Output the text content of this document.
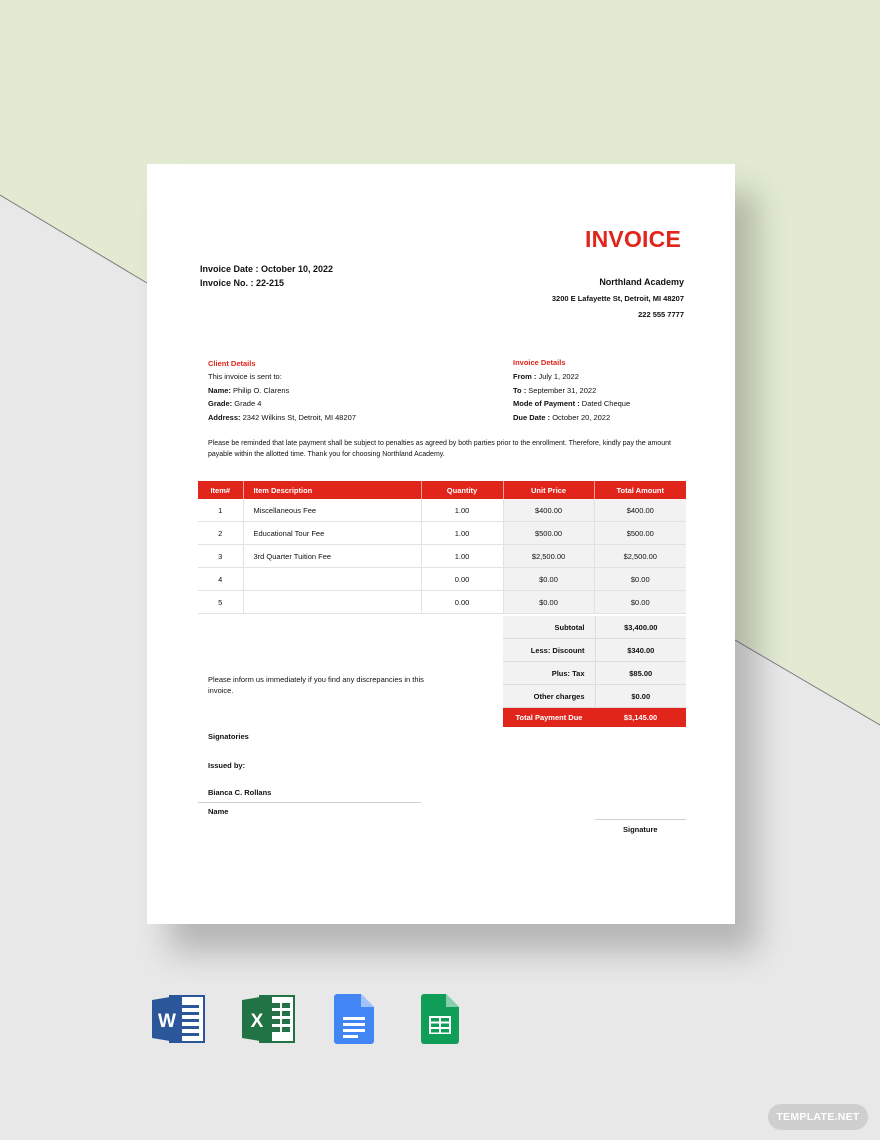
INVOICE
Invoice Date : October 10, 2022
Invoice No. : 22-215	Northland Academy
3200 E Lafayette St, Detroit, MI 48207
222 555 7777
Client Details
This invoice is sent to:
Name: Philip O. Clarens
Grade: Grade 4
Address: 2342 Wilkins St, Detroit, MI 48207
Invoice Details
From : July 1, 2022
To : September 31, 2022
Mode of Payment : Dated Cheque
Due Date : October 20, 2022
Please be reminded that late payment shall be subject to penalties as agreed by both parties prior to the enrollment. Therefore, kindly pay the amount payable within the allotted time. Thank you for choosing Northland Academy.
Item#	Item Description	Quantity	Unit Price	Total Amount
1	Miscellaneous Fee	1.00	$400.00	$400.00
2	Educational Tour Fee	1.00	$500.00	$500.00
3	3rd Quarter Tuition Fee	1.00	$2,500.00	$2,500.00
4		0.00	$0.00	$0.00
5		0.00	$0.00	$0.00
Subtotal	$3,400.00
Less: Discount	$340.00
Plus: Tax	$85.00
Other charges	$0.00
Total Payment Due	$3,145.00
Please inform us immediately if you find any discrepancies in this invoice.
Signatories
Issued by:
Bianca C. Rollans
Name
Signature
W	X
TEMPLATE.NET
